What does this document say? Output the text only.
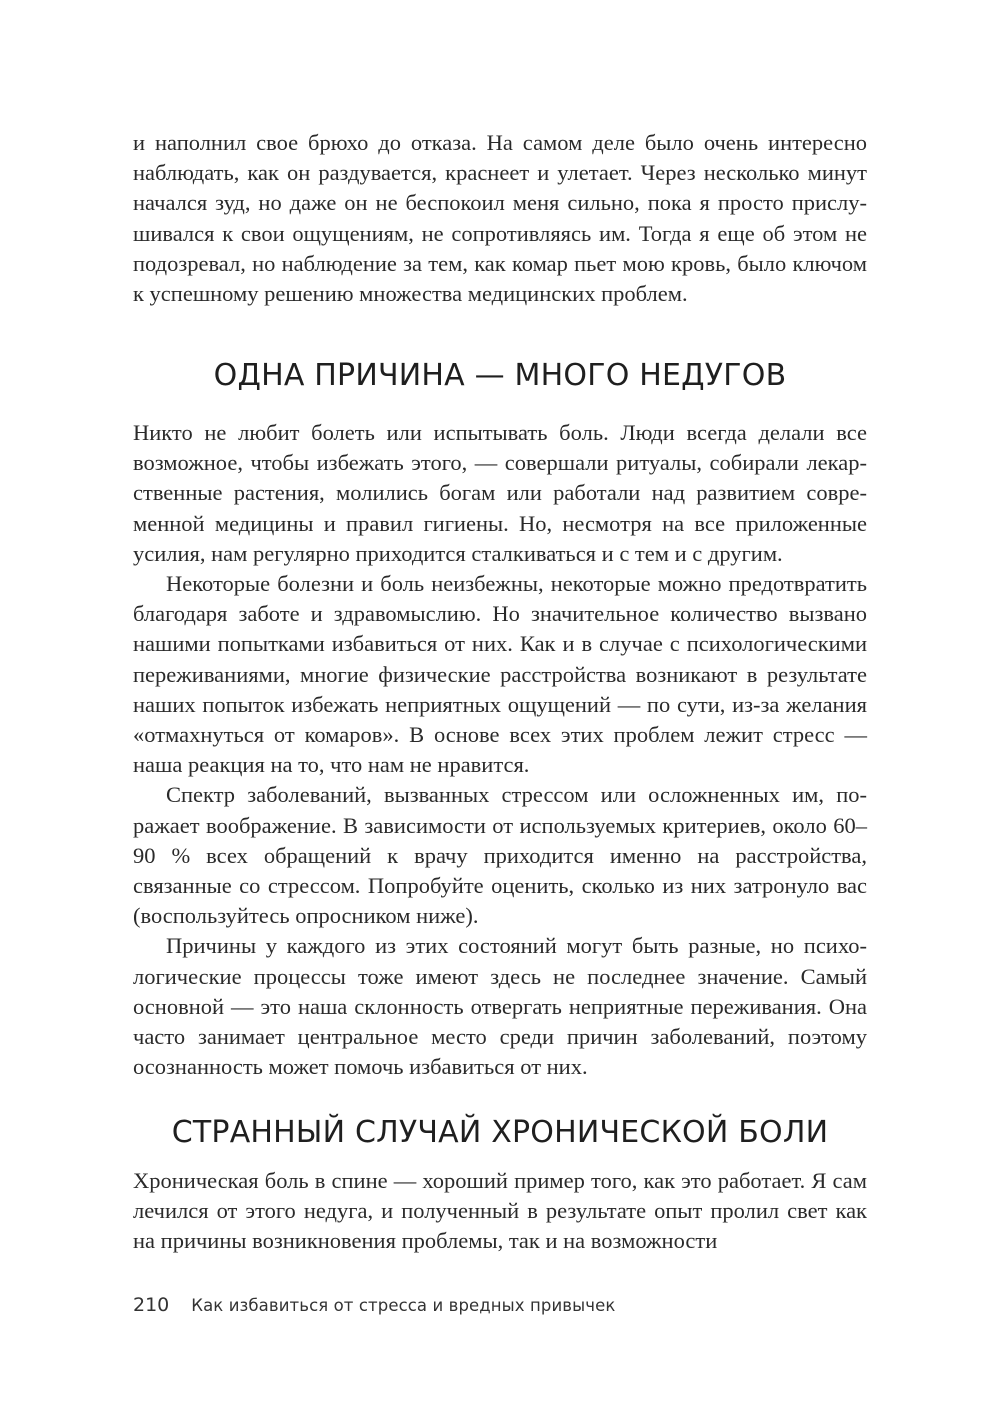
и наполнил свое брюхо до отказа. На самом деле было очень интересно наблюдать, как он раздувается, краснеет и улетает. Через несколько минут начался зуд, но даже он не беспокоил меня сильно, пока я просто прислушивался к свои ощущениям, не сопротивляясь им. Тогда я еще об этом не подозревал, но наблюдение за тем, как комар пьет мою кровь, было ключом к успешному решению множества медицинских проблем.

ОДНА ПРИЧИНА — МНОГО НЕДУГОВ

Никто не любит болеть или испытывать боль. Люди всегда делали все возможное, чтобы избежать этого, — совершали ритуалы, собирали лекарственные растения, молились богам или работали над развитием современной медицины и правил гигиены. Но, несмотря на все приложенные усилия, нам регулярно приходится сталкиваться и с тем и с другим.

Некоторые болезни и боль неизбежны, некоторые можно предотвратить благодаря заботе и здравомыслию. Но значительное количество вызвано нашими попытками избавиться от них. Как и в случае с психологическими переживаниями, многие физические расстройства возникают в результате наших попыток избежать неприятных ощущений — по сути, из-за желания «отмахнуться от комаров». В основе всех этих проблем лежит стресс — наша реакция на то, что нам не нравится.

Спектр заболеваний, вызванных стрессом или осложненных им, поражает воображение. В зависимости от используемых критериев, около 60–90 % всех обращений к врачу приходится именно на расстройства, связанные со стрессом. Попробуйте оценить, сколько из них затронуло вас (воспользуйтесь опросником ниже).

Причины у каждого из этих состояний могут быть разные, но психологические процессы тоже имеют здесь не последнее значение. Самый основной — это наша склонность отвергать неприятные переживания. Она часто занимает центральное место среди причин заболеваний, поэтому осознанность может помочь избавиться от них.

СТРАННЫЙ СЛУЧАЙ ХРОНИЧЕСКОЙ БОЛИ

Хроническая боль в спине — хороший пример того, как это работает. Я сам лечился от этого недуга, и полученный в результате опыт пролил свет как на причины возникновения проблемы, так и на возможности

210 Как избавиться от стресса и вредных привычек
